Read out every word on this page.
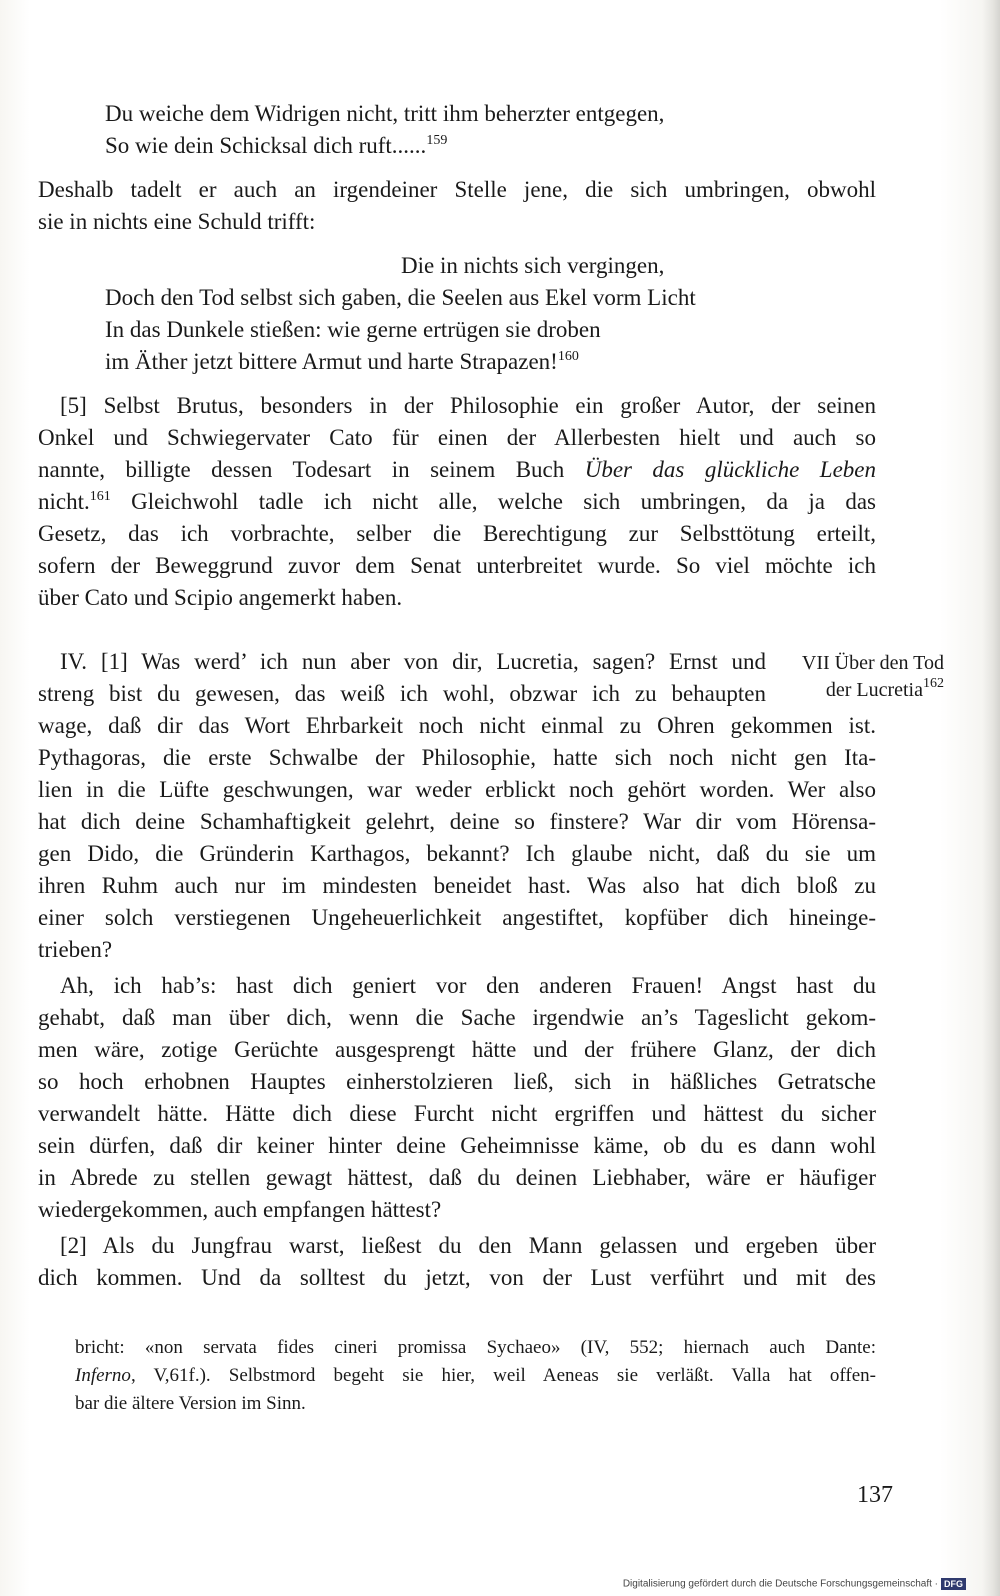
Du weiche dem Widrigen nicht, tritt ihm beherzter entgegen,
So wie dein Schicksal dich ruft......$^{159}$
Deshalb tadelt er auch an irgendeiner Stelle jene, die sich umbringen, obwohl
sie in nichts eine Schuld trifft:
Die in nichts sich vergingen,
Doch den Tod selbst sich gaben, die Seelen aus Ekel vorm Licht
In das Dunkele stießen: wie gerne ertrügen sie droben
im Äther jetzt bittere Armut und harte Strapazen!$^{160}$
[5] Selbst Brutus, besonders in der Philosophie ein großer Autor, der seinen
Onkel und Schwiegervater Cato für einen der Allerbesten hielt und auch so
nannte, billigte dessen Todesart in seinem Buch Über das glückliche Leben
nicht.$^{161}$ Gleichwohl tadle ich nicht alle, welche sich umbringen, da ja das
Gesetz, das ich vorbrachte, selber die Berechtigung zur Selbsttötung erteilt,
sofern der Beweggrund zuvor dem Senat unterbreitet wurde. So viel möchte ich
über Cato und Scipio angemerkt haben.
IV. [1] Was werd’ ich nun aber von dir, Lucretia, sagen? Ernst und
streng bist du gewesen, das weiß ich wohl, obzwar ich zu behaupten
wage, daß dir das Wort Ehrbarkeit noch nicht einmal zu Ohren gekommen ist.
Pythagoras, die erste Schwalbe der Philosophie, hatte sich noch nicht gen Ita-
lien in die Lüfte geschwungen, war weder erblickt noch gehört worden. Wer also
hat dich deine Schamhaftigkeit gelehrt, deine so finstere? War dir vom Hörensa-
gen Dido, die Gründerin Karthagos, bekannt? Ich glaube nicht, daß du sie um
ihren Ruhm auch nur im mindesten beneidet hast. Was also hat dich bloß zu
einer solch verstiegenen Ungeheuerlichkeit angestiftet, kopfüber dich hineinge-
trieben?
VII Über den Tod
der Lucretia$^{162}$
Ah, ich hab’s: hast dich geniert vor den anderen Frauen! Angst hast du
gehabt, daß man über dich, wenn die Sache irgendwie an’s Tageslicht gekom-
men wäre, zotige Gerüchte ausgesprengt hätte und der frühere Glanz, der dich
so hoch erhobnen Hauptes einherstolzieren ließ, sich in häßliches Getratsche
verwandelt hätte. Hätte dich diese Furcht nicht ergriffen und hättest du sicher
sein dürfen, daß dir keiner hinter deine Geheimnisse käme, ob du es dann wohl
in Abrede zu stellen gewagt hättest, daß du deinen Liebhaber, wäre er häufiger
wiedergekommen, auch empfangen hättest?
[2] Als du Jungfrau warst, ließest du den Mann gelassen und ergeben über
dich kommen. Und da solltest du jetzt, von der Lust verführt und mit des
bricht: «non servata fides cineri promissa Sychaeo» (IV, 552; hiernach auch Dante:
Inferno, V,61f.). Selbstmord begeht sie hier, weil Aeneas sie verläßt. Valla hat offen-
bar die ältere Version im Sinn.
137
Digitalisierung gefördert durch die Deutsche Forschungsgemeinschaft · DFG
